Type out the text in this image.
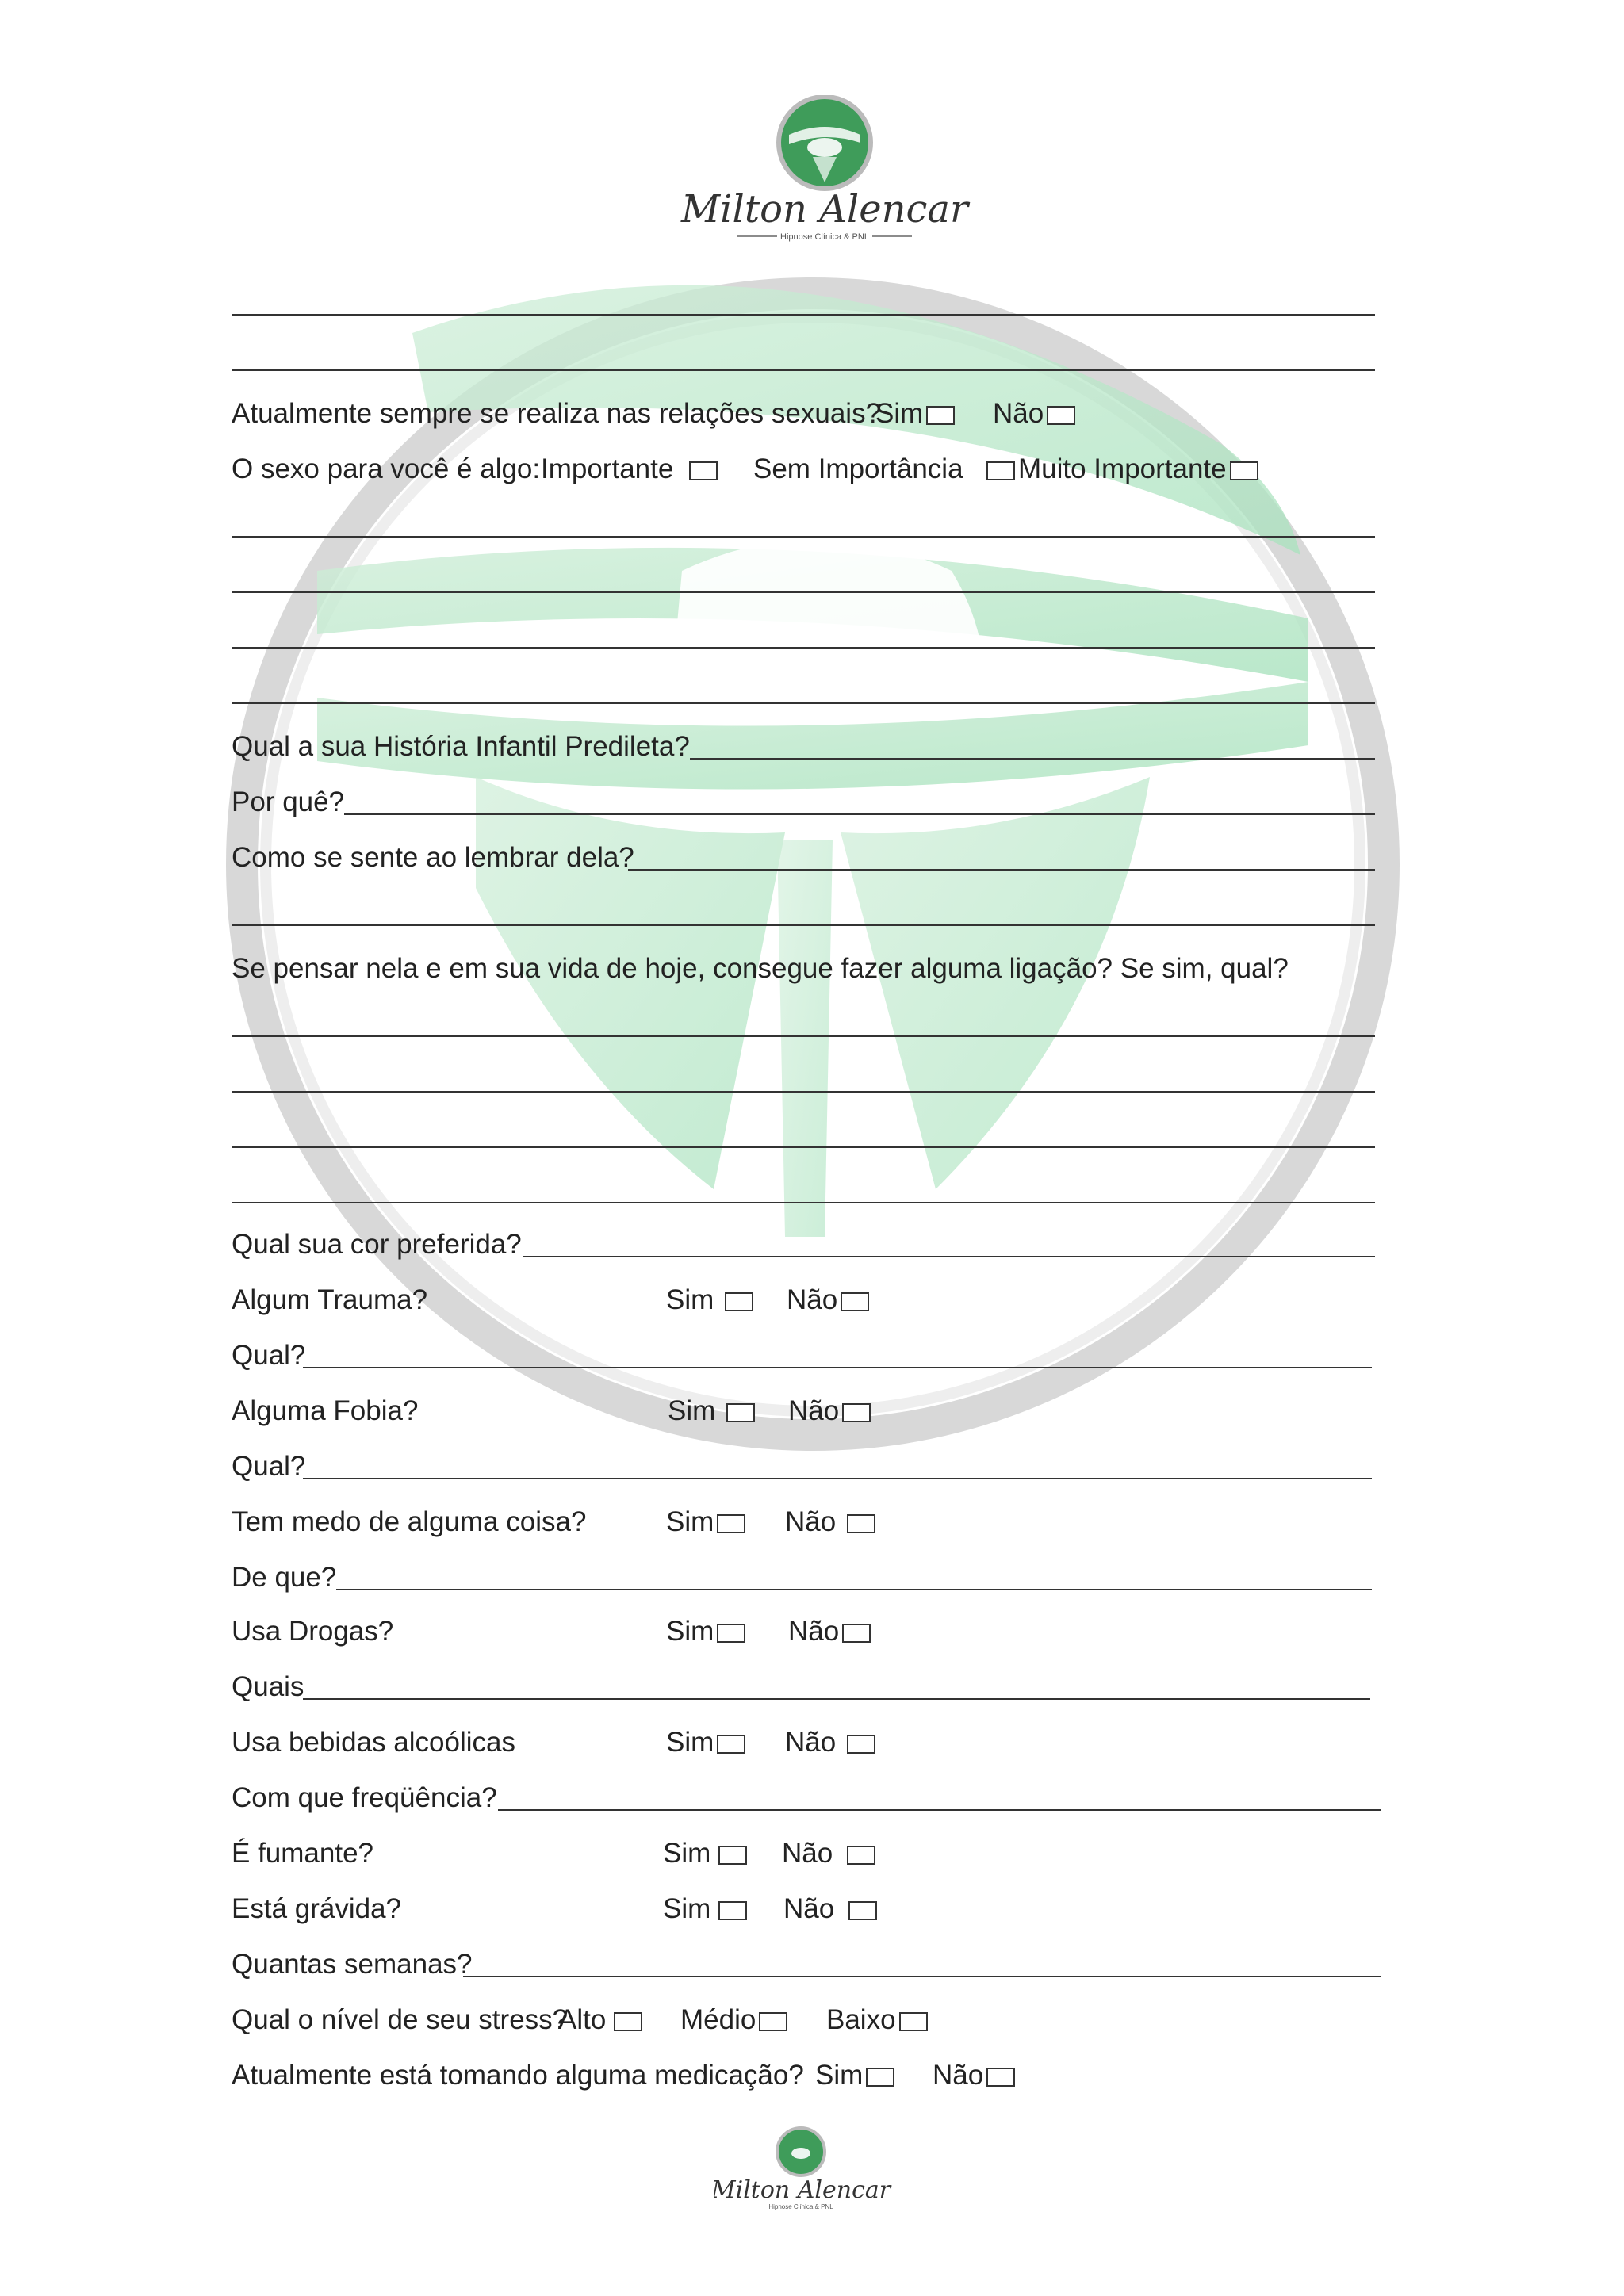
Milton Alencar
Hipnose Clínica & PNL
Milton Alencar
Hipnose Clínica & PNL
Atualmente sempre se realiza nas relações sexuais?
Sim	Não
O sexo para você é algo: Importante	Sem Importância	Muito Importante
Qual a sua História Infantil Predileta?
Por quê?
Como se sente ao lembrar dela?
Se pensar nela e em sua vida de hoje, consegue fazer alguma ligação? Se sim, qual?
Qual sua cor preferida?
Algum Trauma?	Sim	Não
Qual?
Alguma Fobia?	Sim	Não
Qual?
Tem medo de alguma coisa?	Sim	Não
De que?
Usa Drogas?	Sim	Não
Quais
Usa bebidas alcoólicas	Sim	Não
Com que freqüência?
É fumante?	Sim	Não
Está grávida?	Sim	Não
Quantas semanas?
Qual o nível de seu stress?
Alto	Médio	Baixo
Atualmente está tomando alguma medicação? Sim	Não
